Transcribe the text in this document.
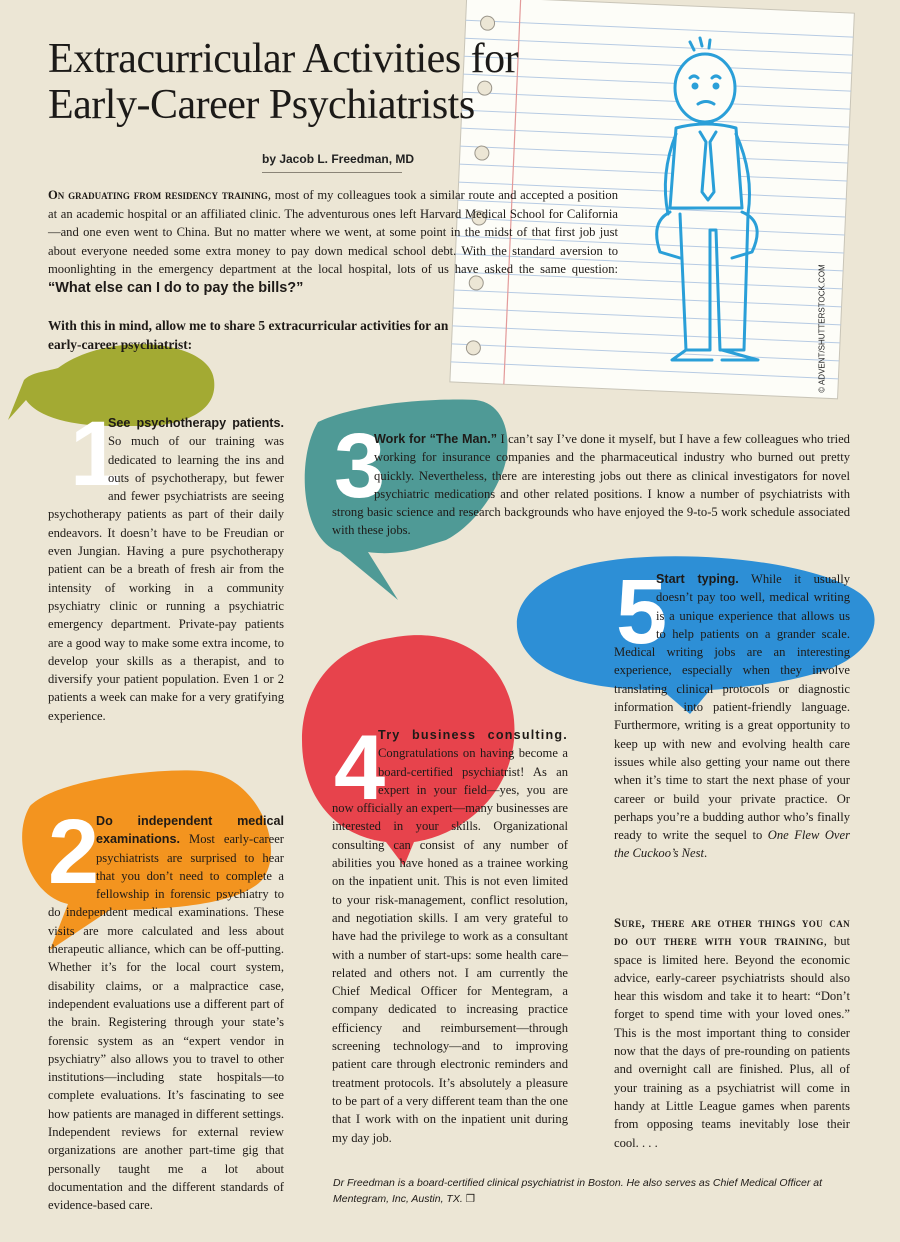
© ADVENT/SHUTTERSTOCK.COM
Extracurricular Activities for
Early-Career Psychiatrists
by Jacob L. Freedman, MD

On graduating from residency training, most of my colleagues took a similar route and accepted a position at an academic hospital or an affiliated clinic. The adventurous ones left Harvard Medical School for California—and one even went to China. But no matter where we went, at some point in the midst of that first job just about everyone needed some extra money to pay down medical school debt. With the standard aversion to moonlighting in the emergency department at the local hospital, lots of us have asked the same question: “What else can I do to pay the bills?”

With this in mind, allow me to share 5 extracurricular activities for an early-career psychiatrist:

1

See psychotherapy patients. So much of our training was dedicated to learning the ins and outs of psychotherapy, but fewer and fewer psychiatrists are seeing psychotherapy patients as part of their daily endeavors. It doesn’t have to be Freudian or even Jungian. Having a pure psychotherapy patient can be a breath of fresh air from the intensity of working in a community psychiatry clinic or running a psychiatric emergency department. Private-pay patients are a good way to make some extra income, to develop your skills as a therapist, and to diversify your patient population. Even 1 or 2 patients a week can make for a very gratifying experience.

3

Work for “The Man.” I can’t say I’ve done it myself, but I have a few colleagues who tried working for insurance companies and the pharmaceutical industry who burned out pretty quickly. Nevertheless, there are interesting jobs out there as clinical investigators for novel psychiatric medications and other related positions. I know a number of psychiatrists with strong basic science and research backgrounds who have enjoyed the 9-to-5 work schedule associated with these jobs.

5

Start typing. While it usually doesn’t pay too well, medical writing is a unique experience that allows us to help patients on a grander scale. Medical writing jobs are an interesting experience, especially when they involve translating clinical protocols or diagnostic information into patient-friendly language. Furthermore, writing is a great opportunity to keep up with new and evolving health care issues while also getting your name out there when it’s time to start the next phase of your career or build your private practice. Or perhaps you’re a budding author who’s finally ready to write the sequel to One Flew Over the Cuckoo’s Nest.

4

Try business consulting. Congratulations on having become a board-certified psychiatrist! As an expert in your field—yes, you are now officially an expert—many businesses are interested in your skills. Organizational consulting can consist of any number of abilities you have honed as a trainee working on the inpatient unit. This is not even limited to your risk-management, conflict resolution, and negotiation skills. I am very grateful to have had the privilege to work as a consultant with a number of start-ups: some health care–related and others not. I am currently the Chief Medical Officer for Mentegram, a company dedicated to increasing practice efficiency and reimbursement—through screening technology—and to improving patient care through electronic reminders and treatment protocols. It’s absolutely a pleasure to be part of a very different team than the one that I work with on the inpatient unit during my day job.

2

Do independent medical examinations. Most early-career psychiatrists are surprised to hear that you don’t need to complete a fellowship in forensic psychiatry to do independent medical examinations. These visits are more calculated and less about therapeutic alliance, which can be off-putting. Whether it’s for the local court system, disability claims, or a malpractice case, independent evaluations use a different part of the brain. Registering through your state’s forensic system as an “expert vendor in psychiatry” also allows you to travel to other institutions—including state hospitals—to complete evaluations. It’s fascinating to see how patients are managed in different settings. Independent reviews for external review organizations are another part-time gig that personally taught me a lot about documentation and the different standards of evidence-based care.

Sure, there are other things you can do out there with your training, but space is limited here. Beyond the economic advice, early-career psychiatrists should also hear this wisdom and take it to heart: “Don’t forget to spend time with your loved ones.” This is the most important thing to consider now that the days of pre-rounding on patients and overnight call are finished. Plus, all of your training as a psychiatrist will come in handy at Little League games when parents from opposing teams inevitably lose their cool. . . .

Dr Freedman is a board-certified clinical psychiatrist in Boston. He also serves as Chief Medical Officer at Mentegram, Inc, Austin, TX. ❐
